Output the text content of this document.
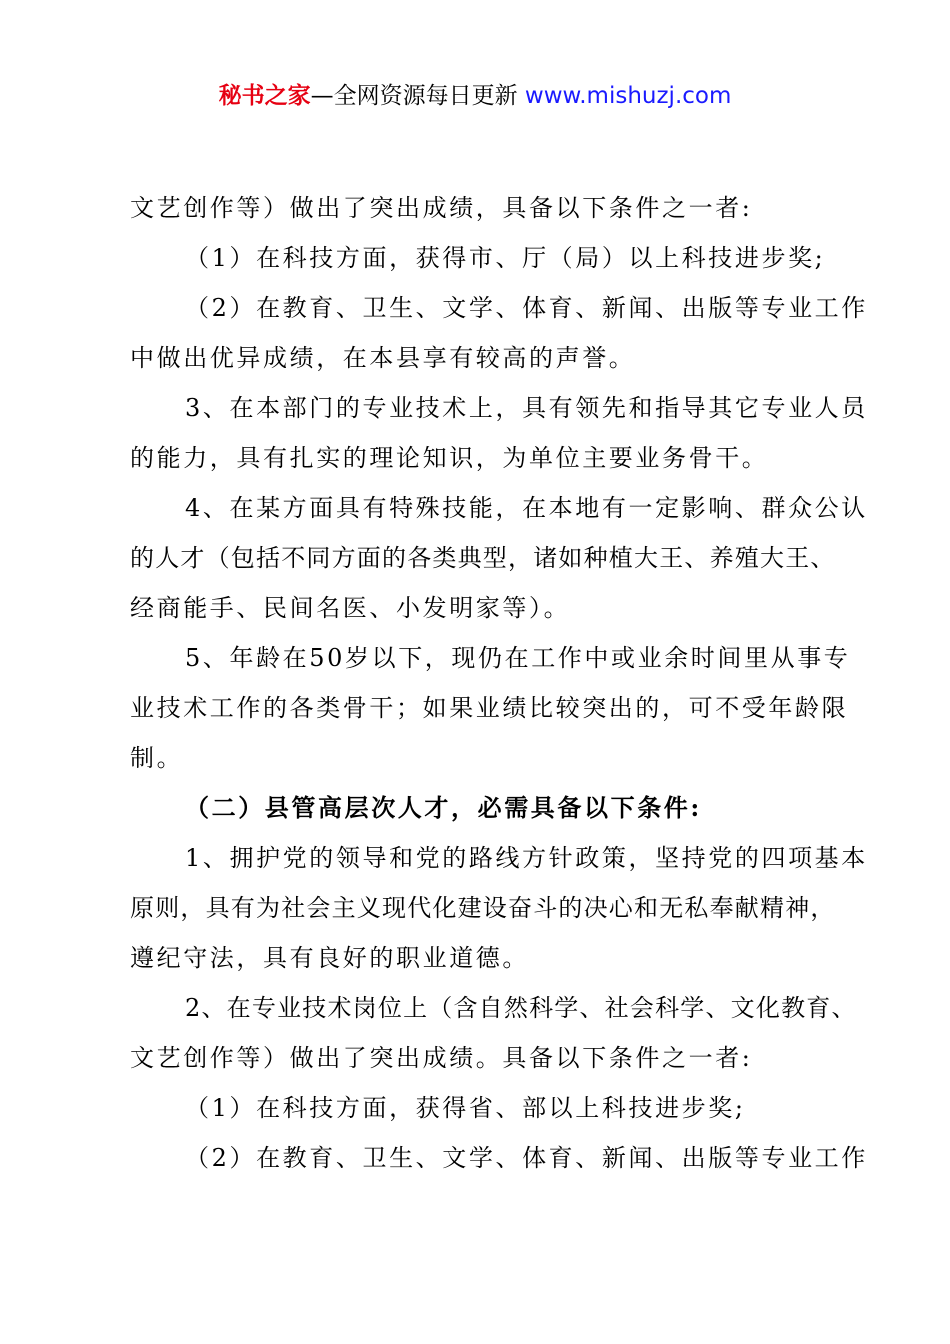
秘书之家—全网资源每日更新 www.mishuzj.com
文艺创作等）做出了突出成绩，具备以下条件之一者:
（1）在科技方面，获得市、厅（局）以上科技进步奖;
（2）在教育、卫生、文学、体育、新闻、出版等专业工作
中做出优异成绩，在本县享有较高的声誉。
3、在本部门的专业技术上，具有领先和指导其它专业人员
的能力，具有扎实的理论知识，为单位主要业务骨干。
4、在某方面具有特殊技能，在本地有一定影响、群众公认
的人才（包括不同方面的各类典型，诸如种植大王、养殖大王、
经商能手、民间名医、小发明家等）。
5、年龄在50岁以下，现仍在工作中或业余时间里从事专
业技术工作的各类骨干；如果业绩比较突出的，可不受年龄限
制。
（二）县管高层次人才，必需具备以下条件:
1、拥护党的领导和党的路线方针政策，坚持党的四项基本
原则，具有为社会主义现代化建设奋斗的决心和无私奉献精神，
遵纪守法，具有良好的职业道德。
2、在专业技术岗位上（含自然科学、社会科学、文化教育、
文艺创作等）做出了突出成绩。具备以下条件之一者:
（1）在科技方面，获得省、部以上科技进步奖;
（2）在教育、卫生、文学、体育、新闻、出版等专业工作
